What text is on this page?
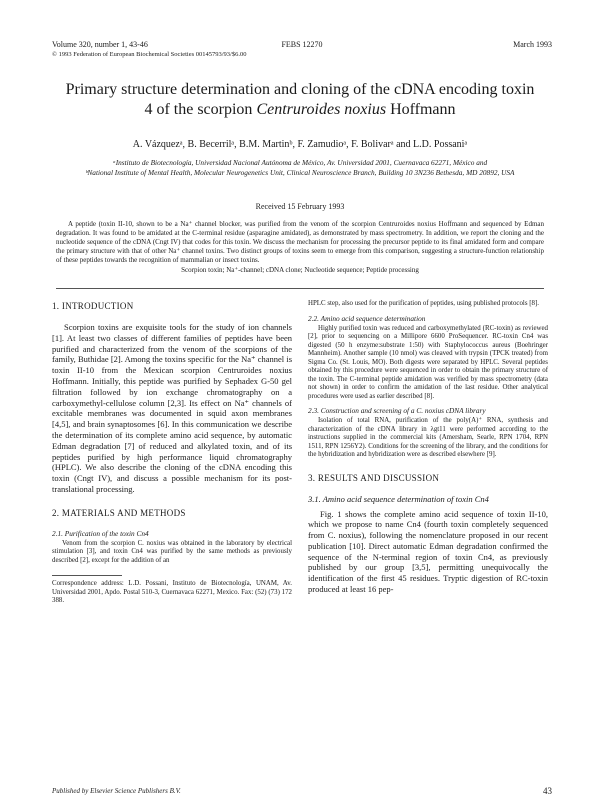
Volume 320, number 1, 43-46	FEBS 12270	March 1993
© 1993 Federation of European Biochemical Societies 00145793/93/$6.00
Primary structure determination and cloning of the cDNA encoding toxin 4 of the scorpion Centruroides noxius Hoffmann
A. Vázquezᵃ, B. Becerrilᵃ, B.M. Martinᵇ, F. Zamudioᵃ, F. Bolivarᵃ and L.D. Possaniᵃ
ᵃInstituto de Biotecnología, Universidad Nacional Autónoma de México, Av. Universidad 2001, Cuernavaca 62271, México and
ᵇNational Institute of Mental Health, Molecular Neurogenetics Unit, Clinical Neuroscience Branch, Building 10 3N236 Bethesda, MD 20892, USA
Received 15 February 1993

A peptide (toxin II-10, shown to be a Na⁺ channel blocker, was purified from the venom of the scorpion Centruroides noxius Hoffmann and sequenced by Edman degradation. It was found to be amidated at the C-terminal residue (asparagine amidated), as demonstrated by mass spectrometry. In addition, we report the cloning and the nucleotide sequence of the cDNA (Cngt IV) that codes for this toxin. We discuss the mechanism for processing the precursor peptide to its final amidated form and compare the primary structure with that of other Na⁺ channel toxins. Two distinct groups of toxins seem to emerge from this comparison, suggesting a structure-function relationship of these peptides towards the recognition of mammalian or insect toxins.

Scorpion toxin; Na⁺-channel; cDNA clone; Nucleotide sequence; Peptide processing
1. INTRODUCTION

Scorpion toxins are exquisite tools for the study of ion channels [1]. At least two classes of different families of peptides have been purified and characterized from the venom of the scorpions of the family, Buthidae [2]. Among the toxins specific for the Na⁺ channel is toxin II-10 from the Mexican scorpion Centruroides noxius Hoffmann. Initially, this peptide was purified by Sephadex G-50 gel filtration followed by ion exchange chromatography on a carboxymethyl-cellulose column [2,3]. Its effect on Na⁺ channels of excitable membranes was documented in squid axon membranes [4,5], and brain synaptosomes [6]. In this communication we describe the determination of its complete amino acid sequence, by automatic Edman degradation [7] of reduced and alkylated toxin, and of its peptides purified by high performance liquid chromatography (HPLC). We also describe the cloning of the cDNA encoding this toxin (Cngt IV), and discuss a possible mechanism for its post-translational processing.

2. MATERIALS AND METHODS
2.1. Purification of the toxin Cn4

Venom from the scorpion C. noxius was obtained in the laboratory by electrical stimulation [3], and toxin Cn4 was purified by the same methods as previously described [2], except for the addition of an

Correspondence address: L.D. Possani, Instituto de Biotecnología, UNAM, Av. Universidad 2001, Apdo. Postal 510-3, Cuernavaca 62271, Mexico. Fax: (52) (73) 172 388.

HPLC step, also used for the purification of peptides, using published protocols [8].

2.2. Amino acid sequence determination

Highly purified toxin was reduced and carboxymethylated (RC-toxin) as reviewed [2], prior to sequencing on a Millipore 6600 ProSequencer. RC-toxin Cn4 was digested (50 h enzyme:substrate 1:50) with Staphylococcus aureus (Boehringer Mannheim). Another sample (10 nmol) was cleaved with trypsin (TPCK treated) from Sigma Co. (St. Louis, MO). Both digests were separated by HPLC. Several peptides obtained by this procedure were sequenced in order to obtain the primary structure of the toxin. The C-terminal peptide amidation was verified by mass spectrometry (data not shown) in order to confirm the amidation of the last residue. Other analytical procedures were used as earlier described [8].

2.3. Construction and screening of a C. noxius cDNA library

Isolation of total RNA, purification of the poly(A)⁺ RNA, synthesis and characterization of the cDNA library in λgt11 were performed according to the instructions supplied in the commercial kits (Amersham, Searle, RPN 1704, RPN 1511, RPN 1256Y2). Conditions for the screening of the library, and the conditions for the hybridization and hybridization were as described elsewhere [9].

3. RESULTS AND DISCUSSION
3.1. Amino acid sequence determination of toxin Cn4

Fig. 1 shows the complete amino acid sequence of toxin II-10, which we propose to name Cn4 (fourth toxin completely sequenced from C. noxius), following the nomenclature proposed in our recent publication [10]. Direct automatic Edman degradation confirmed the sequence of the N-terminal region of toxin Cn4, as previously published by our group [3,5], permitting unequivocally the identification of the first 45 residues. Tryptic digestion of RC-toxin produced at least 16 pep-

Published by Elsevier Science Publishers B.V.	43
